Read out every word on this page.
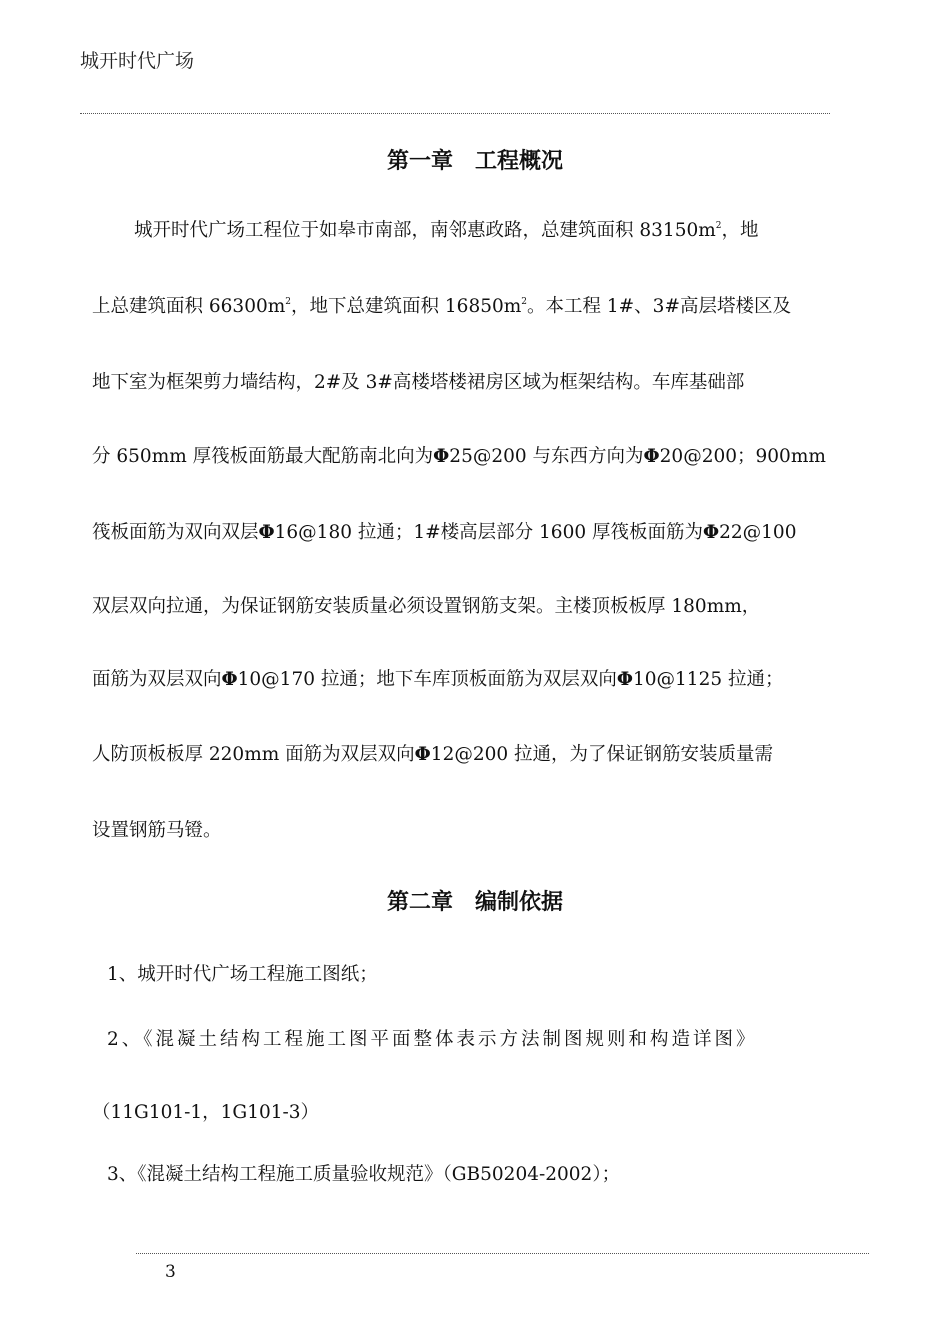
城开时代广场
第一章　工程概况
城开时代广场工程位于如皋市南部，南邻惠政路，总建筑面积 $83150m^2$，地
上总建筑面积 $66300m^2$，地下总建筑面积 $16850m^2$。本工程 1#、3#高层塔楼区及
地下室为框架剪力墙结构，2#及 3#高楼塔楼裙房区域为框架结构。车库基础部
分 650mm 厚筏板面筋最大配筋南北向为Φ25@200 与东西方向为Φ20@200；900mm
筏板面筋为双向双层Φ16@180 拉通；1#楼高层部分 1600 厚筏板面筋为Φ22@100
双层双向拉通，为保证钢筋安装质量必须设置钢筋支架。主楼顶板板厚 180mm，
面筋为双层双向Φ10@170 拉通；地下车库顶板面筋为双层双向Φ10@1125 拉通；
人防顶板板厚 220mm 面筋为双层双向Φ12@200 拉通，为了保证钢筋安装质量需
设置钢筋马镫。
第二章　编制依据
1、城开时代广场工程施工图纸；
2、《混凝土结构工程施工图平面整体表示方法制图规则和构造详图》
（11G101-1，1G101-3）
3、《混凝土结构工程施工质量验收规范》（GB50204-2002）；
3
